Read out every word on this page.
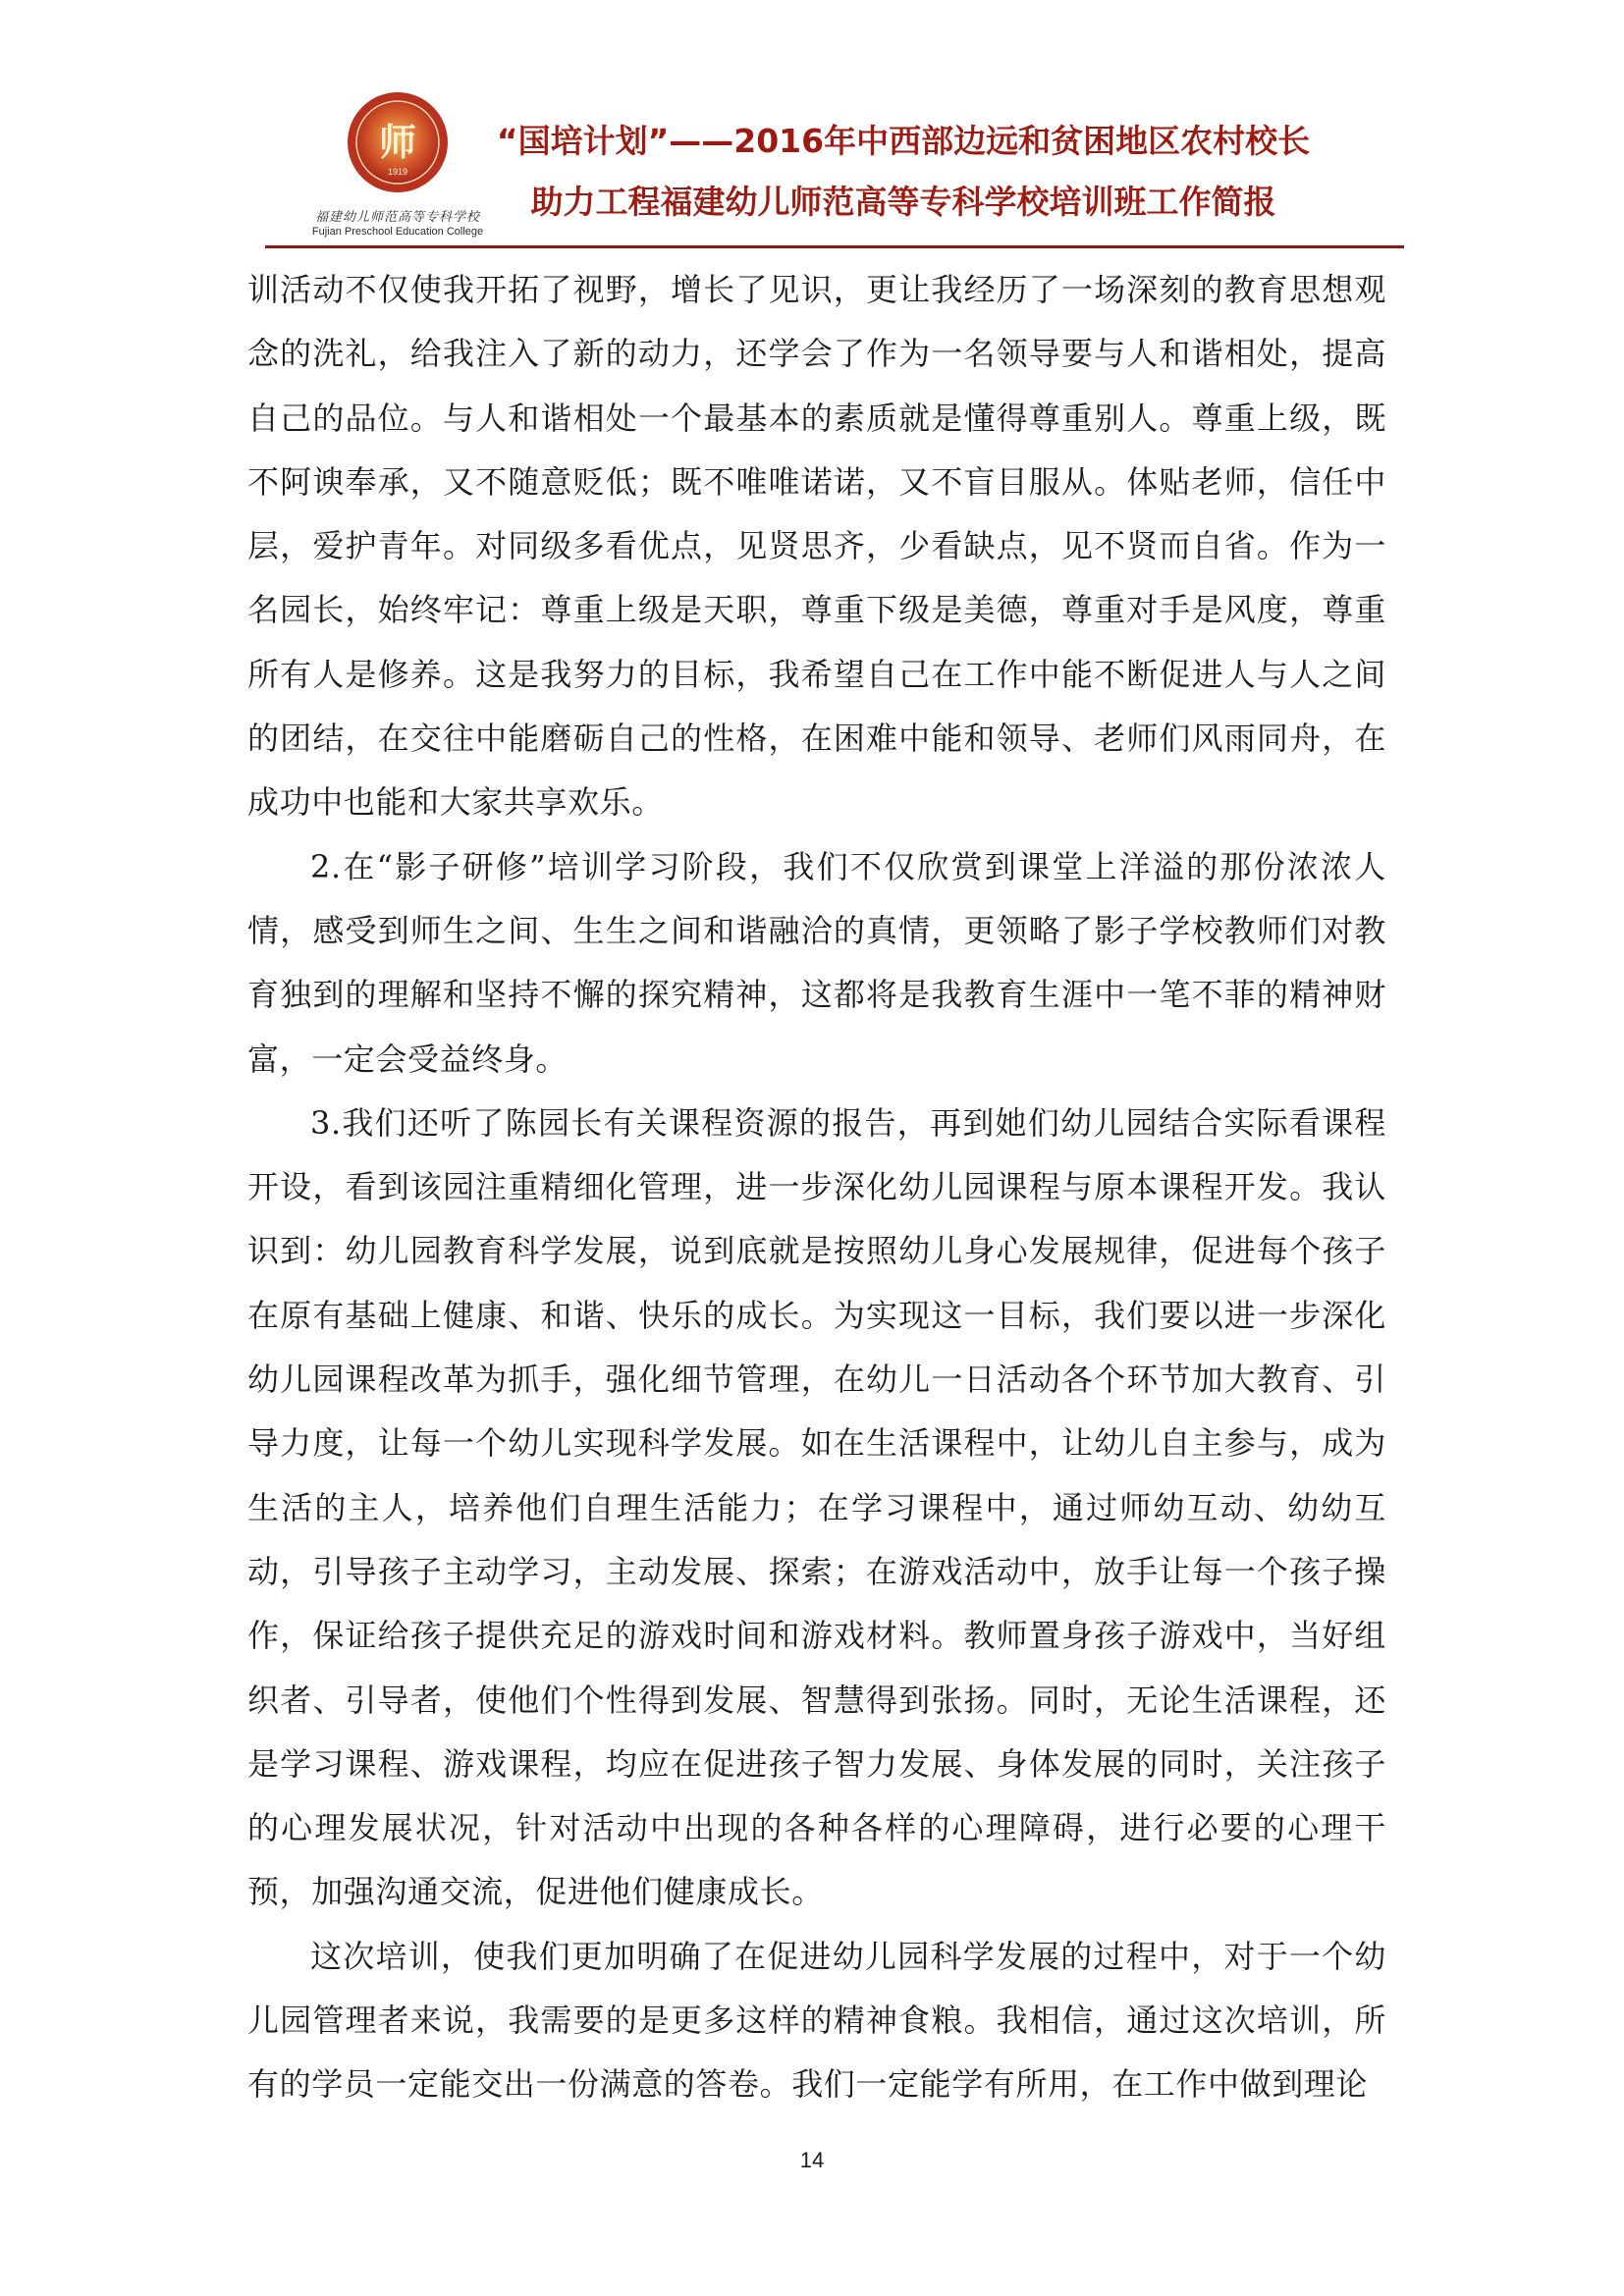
师
1919
福建幼儿师范高等专科学校
Fujian Preschool Education College
“国培计划”——2016年中西部边远和贫困地区农村校长
助力工程福建幼儿师范高等专科学校培训班工作简报

训活动不仅使我开拓了视野，增长了见识，更让我经历了一场深刻的教育思想观念的洗礼，给我注入了新的动力，还学会了作为一名领导要与人和谐相处，提高自己的品位。与人和谐相处一个最基本的素质就是懂得尊重别人。尊重上级，既不阿谀奉承，又不随意贬低；既不唯唯诺诺，又不盲目服从。体贴老师，信任中层，爱护青年。对同级多看优点，见贤思齐，少看缺点，见不贤而自省。作为一名园长，始终牢记：尊重上级是天职，尊重下级是美德，尊重对手是风度，尊重所有人是修养。这是我努力的目标，我希望自己在工作中能不断促进人与人之间的团结，在交往中能磨砺自己的性格，在困难中能和领导、老师们风雨同舟，在成功中也能和大家共享欢乐。

2.在“影子研修”培训学习阶段，我们不仅欣赏到课堂上洋溢的那份浓浓人情，感受到师生之间、生生之间和谐融洽的真情，更领略了影子学校教师们对教育独到的理解和坚持不懈的探究精神，这都将是我教育生涯中一笔不菲的精神财富，一定会受益终身。

3.我们还听了陈园长有关课程资源的报告，再到她们幼儿园结合实际看课程开设，看到该园注重精细化管理，进一步深化幼儿园课程与原本课程开发。我认识到：幼儿园教育科学发展，说到底就是按照幼儿身心发展规律，促进每个孩子在原有基础上健康、和谐、快乐的成长。为实现这一目标，我们要以进一步深化幼儿园课程改革为抓手，强化细节管理，在幼儿一日活动各个环节加大教育、引导力度，让每一个幼儿实现科学发展。如在生活课程中，让幼儿自主参与，成为生活的主人，培养他们自理生活能力；在学习课程中，通过师幼互动、幼幼互动，引导孩子主动学习，主动发展、探索；在游戏活动中，放手让每一个孩子操作，保证给孩子提供充足的游戏时间和游戏材料。教师置身孩子游戏中，当好组织者、引导者，使他们个性得到发展、智慧得到张扬。同时，无论生活课程，还是学习课程、游戏课程，均应在促进孩子智力发展、身体发展的同时，关注孩子的心理发展状况，针对活动中出现的各种各样的心理障碍，进行必要的心理干预，加强沟通交流，促进他们健康成长。

这次培训，使我们更加明确了在促进幼儿园科学发展的过程中，对于一个幼儿园管理者来说，我需要的是更多这样的精神食粮。我相信，通过这次培训，所有的学员一定能交出一份满意的答卷。我们一定能学有所用，在工作中做到理论

14
